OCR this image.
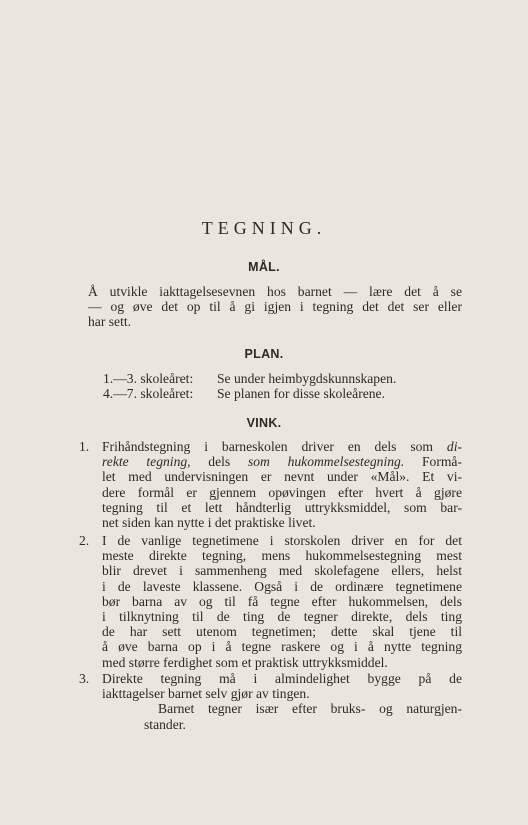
TEGNING.
MÅL.
Å utvikle iakttagelsesevnen hos barnet — lære det å se
— og øve det op til å gi igjen i tegning det det ser eller
har sett.
PLAN.
1.—3. skoleåret: Se under heimbygdskunnskapen.
4.—7. skoleåret: Se planen for disse skoleårene.
VINK.
1. Frihåndstegning i barneskolen driver en dels som di-
rekte tegning, dels som hukommelsestegning. Formå-
let med undervisningen er nevnt under «Mål». Et vi-
dere formål er gjennem opøvingen efter hvert å gjøre
tegning til et lett håndterlig uttrykksmiddel, som bar-
net siden kan nytte i det praktiske livet.
2. I de vanlige tegnetimene i storskolen driver en for det
meste direkte tegning, mens hukommelsestegning mest
blir drevet i sammenheng med skolefagene ellers, helst
i de laveste klassene. Også i de ordinære tegnetimene
bør barna av og til få tegne efter hukommelsen, dels
i tilknytning til de ting de tegner direkte, dels ting
de har sett utenom tegnetimen; dette skal tjene til
å øve barna op i å tegne raskere og i å nytte tegning
med større ferdighet som et praktisk uttrykksmiddel.
3. Direkte tegning må i almindelighet bygge på de
iakttagelser barnet selv gjør av tingen.
Barnet tegner især efter bruks- og naturgjen-
stander.
